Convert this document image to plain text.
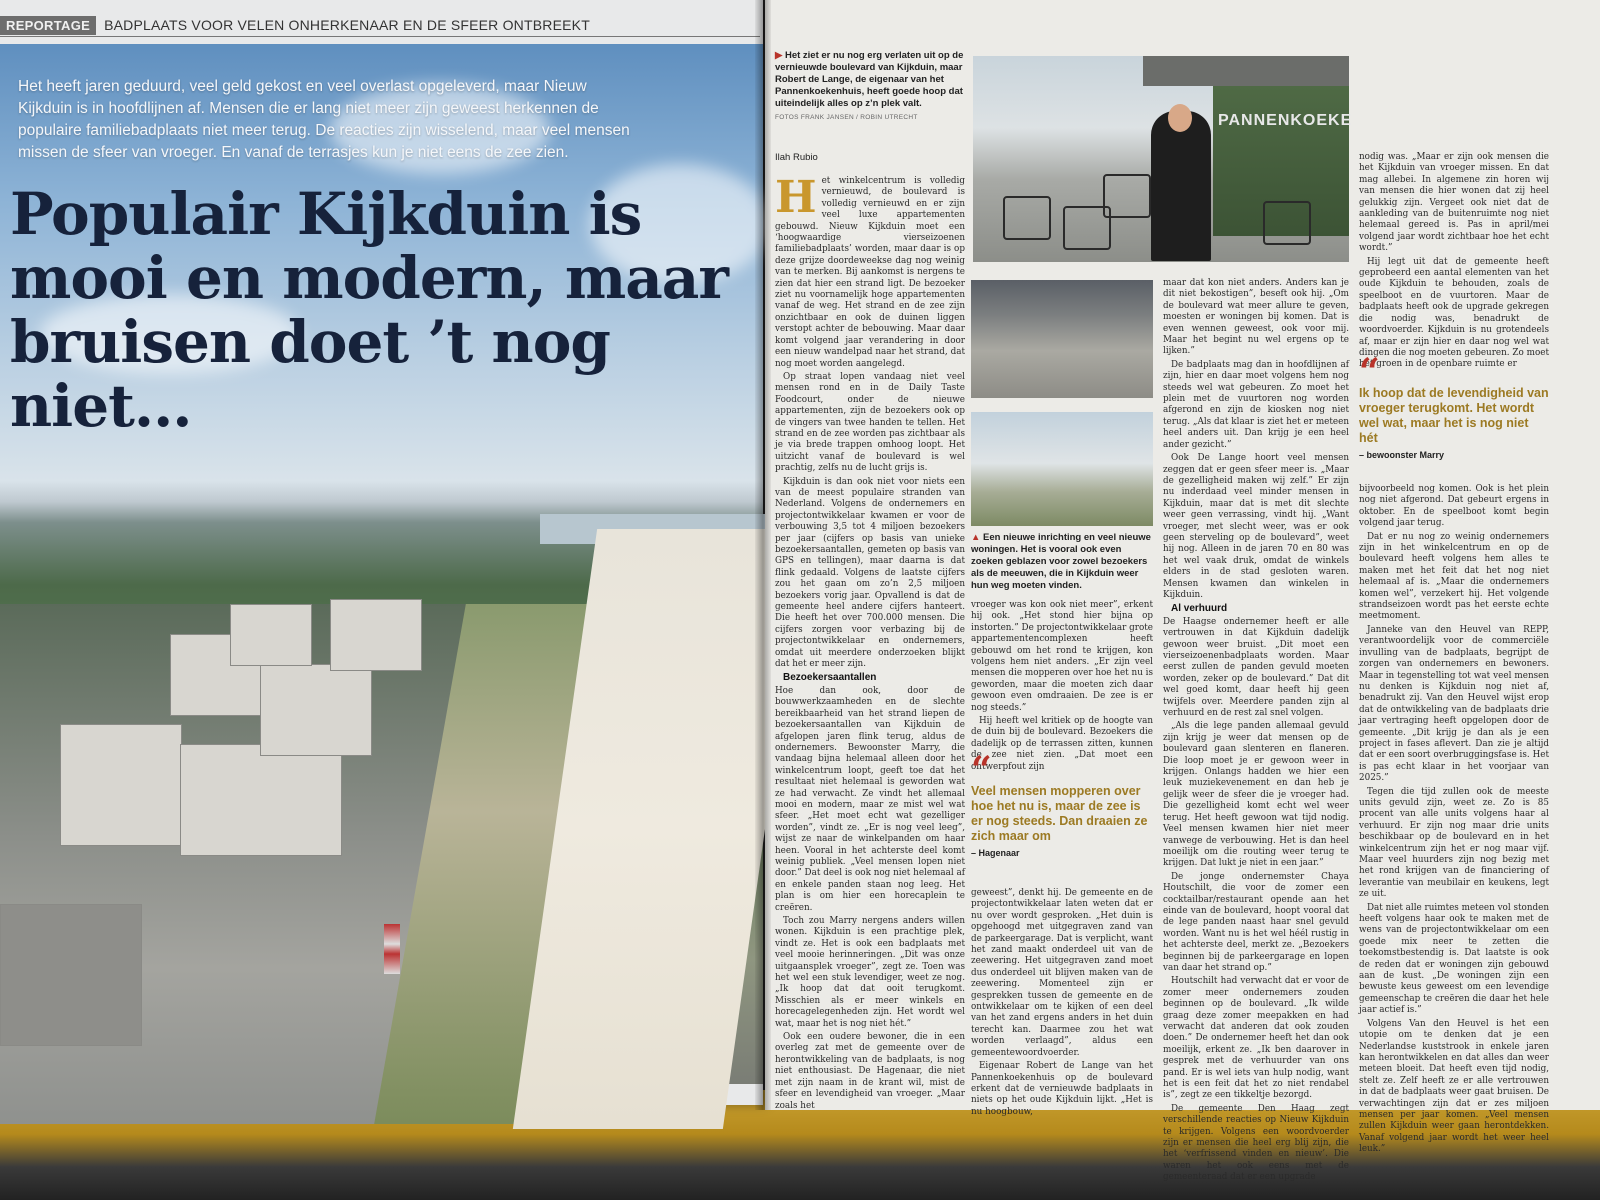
REPORTAGE	BADPLAATS VOOR VELEN ONHERKENAAR EN DE SFEER ONTBREEKT

Het heeft jaren geduurd, veel geld gekost en veel overlast opgeleverd, maar Nieuw Kijkduin is in hoofdlijnen af. Mensen die er lang niet meer zijn geweest herkennen de populaire familiebadplaats niet meer terug. De reacties zijn wisselend, maar veel mensen missen de sfeer van vroeger. En vanaf de terrasjes kun je niet eens de zee zien.

Populair Kijkduin is mooi en modern, maar bruisen doet ’t nog niet...
▶ Het ziet er nu nog erg verlaten uit op de vernieuwde boulevard van Kijkduin, maar Robert de Lange, de eigenaar van het Pannenkoekenhuis, heeft goede hoop dat uiteindelijk alles op z’n plek valt.
FOTOS FRANK JANSEN / ROBIN UTRECHT
Ilah Rubio
PANNENKOEKE
▲ Een nieuwe inrichting en veel nieuwe woningen. Het is vooral ook even zoeken geblazen voor zowel bezoekers als de meeuwen, die in Kijkduin weer hun weg moeten vinden.

Het winkelcentrum is volledig vernieuwd, de boulevard is volledig vernieuwd en er zijn veel luxe appartementen gebouwd. Nieuw Kijkduin moet een ‘hoogwaardige vierseizoenen familiebadplaats’ worden, maar daar is op deze grijze doordeweekse dag nog weinig van te merken. Bij aankomst is nergens te zien dat hier een strand ligt. De bezoeker ziet nu voornamelijk hoge appartementen vanaf de weg. Het strand en de zee zijn onzichtbaar en ook de duinen liggen verstopt achter de bebouwing. Maar daar komt volgend jaar verandering in door een nieuw wandelpad naar het strand, dat nog moet worden aangelegd.

Op straat lopen vandaag niet veel mensen rond en in de Daily Taste Foodcourt, onder de nieuwe appartementen, zijn de bezoekers ook op de vingers van twee handen te tellen. Het strand en de zee worden pas zichtbaar als je via brede trappen omhoog loopt. Het uitzicht vanaf de boulevard is wel prachtig, zelfs nu de lucht grijs is.

Kijkduin is dan ook niet voor niets een van de meest populaire stranden van Nederland. Volgens de ondernemers en projectontwikkelaar kwamen er voor de verbouwing 3,5 tot 4 miljoen bezoekers per jaar (cijfers op basis van unieke bezoekersaantallen, gemeten op basis van GPS en tellingen), maar daarna is dat flink gedaald. Volgens de laatste cijfers zou het gaan om zo’n 2,5 miljoen bezoekers vorig jaar. Opvallend is dat de gemeente heel andere cijfers hanteert. Die heeft het over 700.000 mensen. Die cijfers zorgen voor verbazing bij de projectontwikkelaar en ondernemers, omdat uit meerdere onderzoeken blijkt dat het er meer zijn.

Bezoekersaantallen

Hoe dan ook, door de bouwwerkzaamheden en de slechte bereikbaarheid van het strand liepen de bezoekersaantallen van Kijkduin de afgelopen jaren flink terug, aldus de ondernemers. Bewoonster Marry, die vandaag bijna helemaal alleen door het winkelcentrum loopt, geeft toe dat het resultaat niet helemaal is geworden wat ze had verwacht. Ze vindt het allemaal mooi en modern, maar ze mist wel wat sfeer. „Het moet echt wat gezelliger worden”, vindt ze. „Er is nog veel leeg”, wijst ze naar de winkelpanden om haar heen. Vooral in het achterste deel komt weinig publiek. „Veel mensen lopen niet door.” Dat deel is ook nog niet helemaal af en enkele panden staan nog leeg. Het plan is om hier een horecaplein te creëren.

Toch zou Marry nergens anders willen wonen. Kijkduin is een prachtige plek, vindt ze. Het is ook een badplaats met veel mooie herinneringen. „Dit was onze uitgaansplek vroeger”, zegt ze. Toen was het wel een stuk levendiger, weet ze nog. „Ik hoop dat dat ooit terugkomt. Misschien als er meer winkels en horecagelegenheden zijn. Het wordt wel wat, maar het is nog niet hét.”

Ook een oudere bewoner, die in een overleg zat met de gemeente over de herontwikkeling van de badplaats, is nog niet enthousiast. De Hagenaar, die niet met zijn naam in de krant wil, mist de sfeer en levendigheid van vroeger. „Maar zoals het

vroeger was kon ook niet meer”, erkent hij ook. „Het stond hier bijna op instorten.” De projectontwikkelaar grote appartementencomplexen heeft gebouwd om het rond te krijgen, kon volgens hem niet anders. „Er zijn veel mensen die mopperen over hoe het nu is geworden, maar die moeten zich daar gewoon even omdraaien. De zee is er nog steeds.”

Hij heeft wel kritiek op de hoogte van de duin bij de boulevard. Bezoekers die dadelijk op de terrassen zitten, kunnen de zee niet zien. „Dat moet een ontwerpfout zijn

“
Veel mensen mopperen over hoe het nu is, maar de zee is er nog steeds. Dan draaien ze zich maar om
– Hagenaar

geweest”, denkt hij. De gemeente en de projectontwikkelaar laten weten dat er nu over wordt gesproken. „Het duin is opgehoogd met uitgegraven zand van de parkeergarage. Dat is verplicht, want het zand maakt onderdeel uit van de zeewering. Het uitgegraven zand moet dus onderdeel uit blijven maken van de zeewering. Momenteel zijn er gesprekken tussen de gemeente en de ontwikkelaar om te kijken of een deel van het zand ergens anders in het duin terecht kan. Daarmee zou het wat worden verlaagd”, aldus een gemeentewoordvoerder.

Eigenaar Robert de Lange van het Pannenkoekenhuis op de boulevard erkent dat de vernieuwde badplaats in niets op het oude Kijkduin lijkt. „Het is nu hoogbouw,

maar dat kon niet anders. Anders kan je dit niet bekostigen”, beseft ook hij. „Om de boulevard wat meer allure te geven, moesten er woningen bij komen. Dat is even wennen geweest, ook voor mij. Maar het begint nu wel ergens op te lijken.”

De badplaats mag dan in hoofdlijnen af zijn, hier en daar moet volgens hem nog steeds wel wat gebeuren. Zo moet het plein met de vuurtoren nog worden afgerond en zijn de kiosken nog niet terug. „Als dat klaar is ziet het er meteen heel anders uit. Dan krijg je een heel ander gezicht.”

Ook De Lange hoort veel mensen zeggen dat er geen sfeer meer is. „Maar de gezelligheid maken wij zelf.” Er zijn nu inderdaad veel minder mensen in Kijkduin, maar dat is met dit slechte weer geen verrassing, vindt hij. „Want vroeger, met slecht weer, was er ook geen sterveling op de boulevard”, weet hij nog. Alleen in de jaren 70 en 80 was het wel vaak druk, omdat de winkels elders in de stad gesloten waren. Mensen kwamen dan winkelen in Kijkduin.

Al verhuurd

De Haagse ondernemer heeft er alle vertrouwen in dat Kijkduin dadelijk gewoon weer bruist. „Dit moet een vierseizoenenbadplaats worden. Maar eerst zullen de panden gevuld moeten worden, zeker op de boulevard.” Dat dit wel goed komt, daar heeft hij geen twijfels over. Meerdere panden zijn al verhuurd en de rest zal snel volgen.

„Als die lege panden allemaal gevuld zijn krijg je weer dat mensen op de boulevard gaan slenteren en flaneren. Die loop moet je er gewoon weer in krijgen. Onlangs hadden we hier een leuk muziekevenement en dan heb je gelijk weer de sfeer die je vroeger had. Die gezelligheid komt echt wel weer terug. Het heeft gewoon wat tijd nodig. Veel mensen kwamen hier niet meer vanwege de verbouwing. Het is dan heel moeilijk om die routing weer terug te krijgen. Dat lukt je niet in een jaar.”

De jonge ondernemster Chaya Houtschilt, die voor de zomer een cocktailbar/restaurant opende aan het einde van de boulevard, hoopt vooral dat de lege panden naast haar snel gevuld worden. Want nu is het wel héél rustig in het achterste deel, merkt ze. „Bezoekers beginnen bij de parkeergarage en lopen van daar het strand op.”

Houtschilt had verwacht dat er voor de zomer meer ondernemers zouden beginnen op de boulevard. „Ik wilde graag deze zomer meepakken en had verwacht dat anderen dat ook zouden doen.” De ondernemer heeft het dan ook moeilijk, erkent ze. „Ik ben daarover in gesprek met de verhuurder van ons pand. Er is wel iets van hulp nodig, want het is een feit dat het zo niet rendabel is”, zegt ze een tikkeltje bezorgd.

De gemeente Den Haag zegt verschillende reacties op Nieuw Kijkduin te krijgen. Volgens een woordvoerder zijn er mensen die heel erg blij zijn, die het ‘verfrissend vinden en nieuw’. Die waren het ook eens met de gemeenteraad dat er een upgrade

nodig was. „Maar er zijn ook mensen die het Kijkduin van vroeger missen. En dat mag allebei. In algemene zin horen wij van mensen die hier wonen dat zij heel gelukkig zijn. Vergeet ook niet dat de aankleding van de buitenruimte nog niet helemaal gereed is. Pas in april/mei volgend jaar wordt zichtbaar hoe het echt wordt.”

Hij legt uit dat de gemeente heeft geprobeerd een aantal elementen van het oude Kijkduin te behouden, zoals de speelboot en de vuurtoren. Maar de badplaats heeft ook de upgrade gekregen die nodig was, benadrukt de woordvoerder. Kijkduin is nu grotendeels af, maar er zijn hier en daar nog wel wat dingen die nog moeten gebeuren. Zo moet het groen in de openbare ruimte er

“
Ik hoop dat de levendigheid van vroeger terugkomt. Het wordt wel wat, maar het is nog niet hét
– bewoonster Marry

bijvoorbeeld nog komen. Ook is het plein nog niet afgerond. Dat gebeurt ergens in oktober. En de speelboot komt begin volgend jaar terug.

Dat er nu nog zo weinig ondernemers zijn in het winkelcentrum en op de boulevard heeft volgens hem alles te maken met het feit dat het nog niet helemaal af is. „Maar die ondernemers komen wel”, verzekert hij. Het volgende strandseizoen wordt pas het eerste echte meetmoment.

Janneke van den Heuvel van REPP, verantwoordelijk voor de commerciële invulling van de badplaats, begrijpt de zorgen van ondernemers en bewoners. Maar in tegenstelling tot wat veel mensen nu denken is Kijkduin nog niet af, benadrukt zij. Van den Heuvel wijst erop dat de ontwikkeling van de badplaats drie jaar vertraging heeft opgelopen door de gemeente. „Dit krijg je dan als je een project in fases aflevert. Dan zie je altijd dat er een soort overbruggingsfase is. Het is pas echt klaar in het voorjaar van 2025.”

Tegen die tijd zullen ook de meeste units gevuld zijn, weet ze. Zo is 85 procent van alle units volgens haar al verhuurd. Er zijn nog maar drie units beschikbaar op de boulevard en in het winkelcentrum zijn het er nog maar vijf. Maar veel huurders zijn nog bezig met het rond krijgen van de financiering of leverantie van meubilair en keukens, legt ze uit.

Dat niet alle ruimtes meteen vol stonden heeft volgens haar ook te maken met de wens van de projectontwikkelaar om een goede mix neer te zetten die toekomstbestendig is. Dat laatste is ook de reden dat er woningen zijn gebouwd aan de kust. „De woningen zijn een bewuste keus geweest om een levendige gemeenschap te creëren die daar het hele jaar actief is.”

Volgens Van den Heuvel is het een utopie om te denken dat je een Nederlandse kuststrook in enkele jaren kan herontwikkelen en dat alles dan weer meteen bloeit. Dat heeft even tijd nodig, stelt ze. Zelf heeft ze er alle vertrouwen in dat de badplaats weer gaat bruisen. De verwachtingen zijn dat er zes miljoen mensen per jaar komen. „Veel mensen zullen Kijkduin weer gaan herontdekken. Vanaf volgend jaar wordt het weer heel leuk.”
